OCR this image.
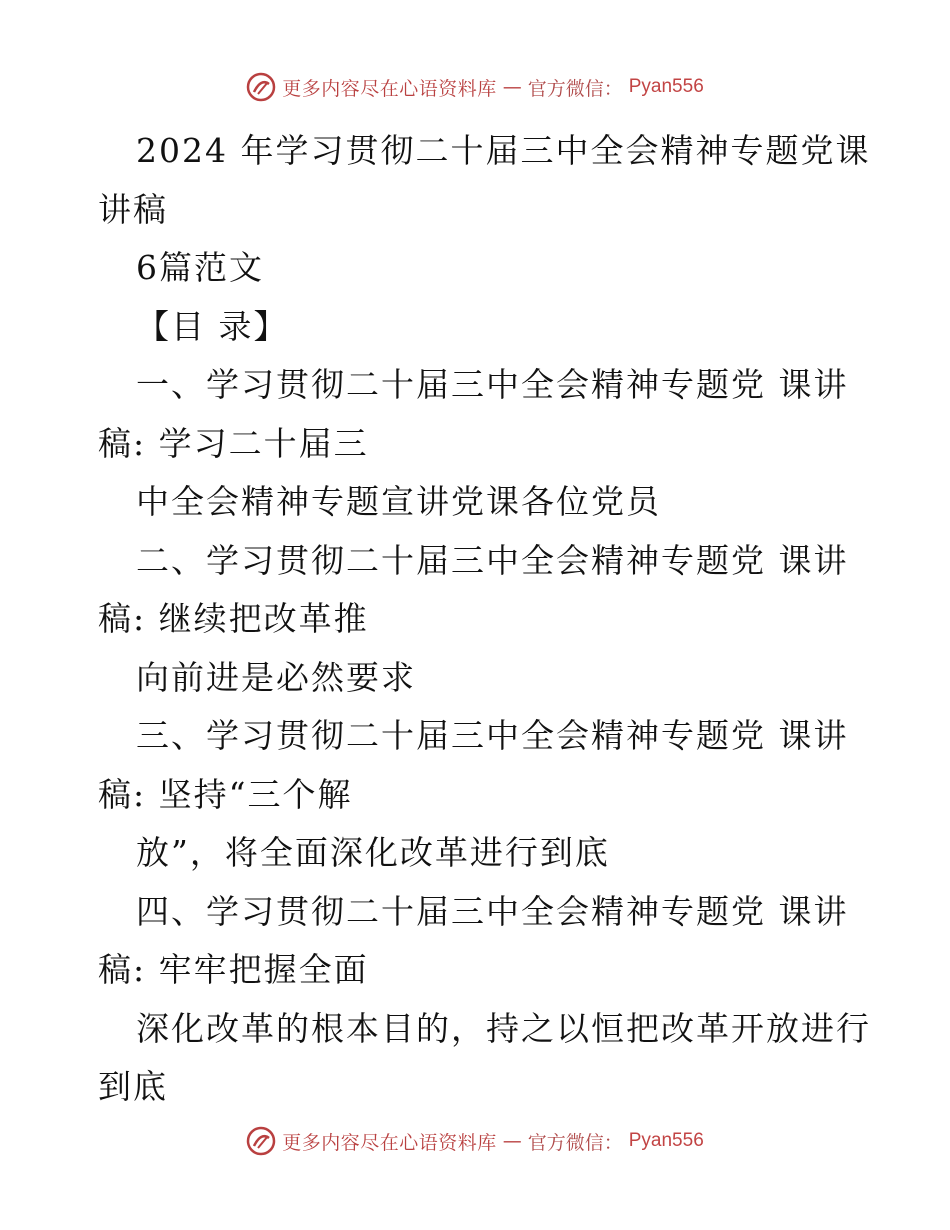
更多内容尽在心语资料库 — 官方微信： Pyan556
2024 年学习贯彻二十届三中全会精神专题党课
讲稿
6篇范文
【目 录】
一、学习贯彻二十届三中全会精神专题党 课讲
稿: 学习二十届三
中全会精神专题宣讲党课各位党员
二、学习贯彻二十届三中全会精神专题党 课讲
稿: 继续把改革推
向前进是必然要求
三、学习贯彻二十届三中全会精神专题党 课讲
稿: 坚持“三个解
放”，将全面深化改革进行到底
四、学习贯彻二十届三中全会精神专题党 课讲
稿: 牢牢把握全面
深化改革的根本目的，持之以恒把改革开放进行
到底
更多内容尽在心语资料库 — 官方微信： Pyan556
